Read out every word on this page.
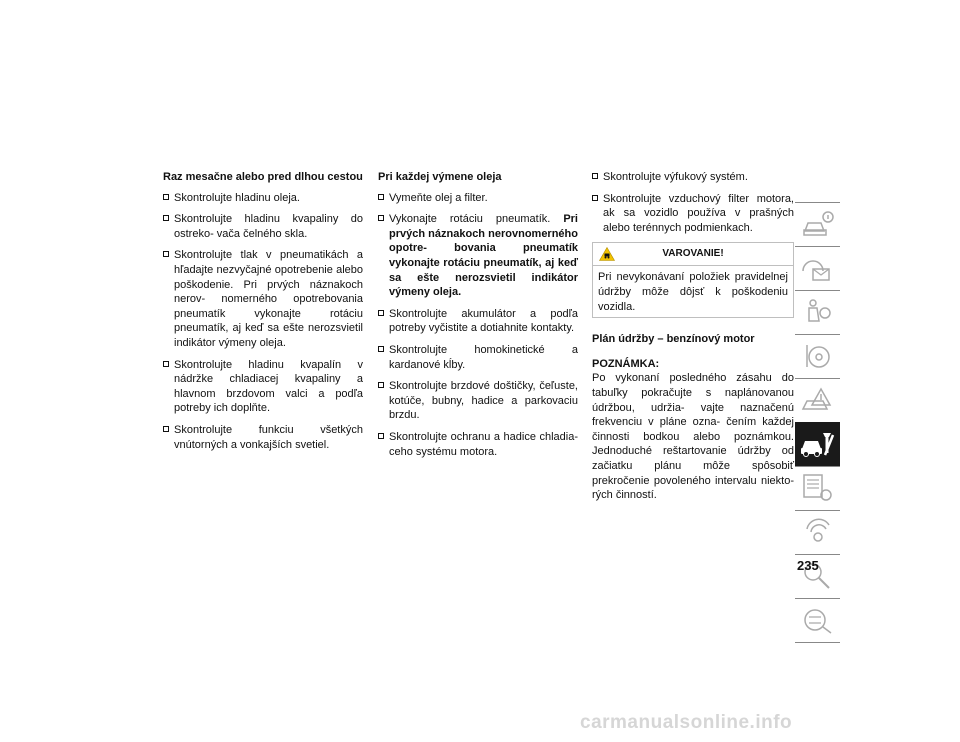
Raz mesačne alebo pred dlhou cestou
Skontrolujte hladinu oleja.
Skontrolujte hladinu kvapaliny do ostreko- vača čelného skla.
Skontrolujte tlak v pneumatikách a hľadajte nezvyčajné opotrebenie alebo poškodenie. Pri prvých náznakoch nerov- nomerného opotrebovania pneumatík vykonajte rotáciu pneumatík, aj keď sa ešte nerozsvietil indikátor výmeny oleja.
Skontrolujte hladinu kvapalín v nádržke chladiacej kvapaliny a hlavnom brzdovom valci a podľa potreby ich doplňte.
Skontrolujte funkciu všetkých vnútorných a vonkajších svetiel.
Pri každej výmene oleja
Vymeňte olej a filter.
Vykonajte rotáciu pneumatík. Pri prvých náznakoch nerovnomerného opotre- bovania pneumatík vykonajte rotáciu pneumatík, aj keď sa ešte nerozsvietil indikátor výmeny oleja.
Skontrolujte akumulátor a podľa potreby vyčistite a dotiahnite kontakty.
Skontrolujte homokinetické a kardanové kĺby.
Skontrolujte brzdové doštičky, čeľuste, kotúče, bubny, hadice a parkovaciu brzdu.
Skontrolujte ochranu a hadice chladia- ceho systému motora.
Skontrolujte výfukový systém.
Skontrolujte vzduchový filter motora, ak sa vozidlo používa v prašných alebo terénnych podmienkach.
VAROVANIE!
Pri nevykonávaní položiek pravidelnej údržby môže dôjsť k poškodeniu vozidla.
Plán údržby – benzínový motor
POZNÁMKA:
Po vykonaní posledného zásahu do tabuľky pokračujte s naplánovanou údržbou, udržia- vajte naznačenú frekvenciu v pláne ozna- čením každej činnosti bodkou alebo poznámkou. Jednoduché reštartovanie údržby od začiatku plánu môže spôsobiť prekročenie povoleného intervalu niekto- rých činností.
235
carmanualsonline.info
